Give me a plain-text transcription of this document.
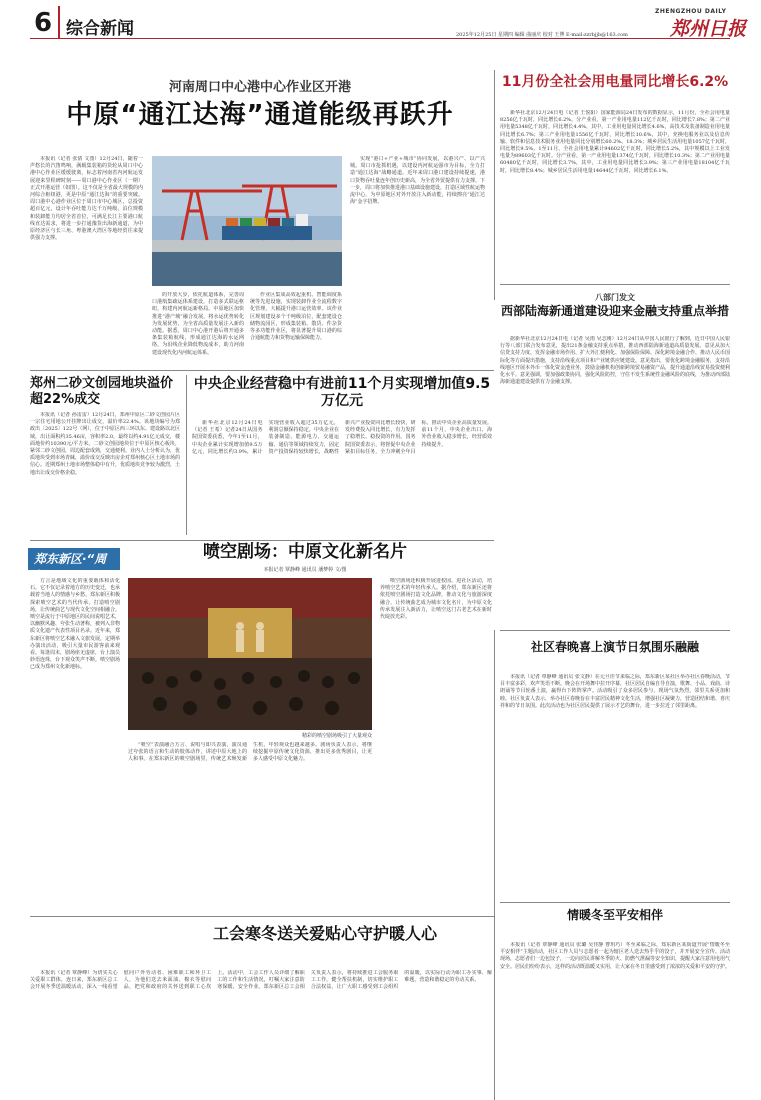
6 综合新闻
ZHENGZHOU DAILY
郑州日报
2025年12月25日 星期四 编辑 曲丽庆 校对 王博 E-mail:zzrbjjb@163.com
河南周口中心港中心作业区开港
中原“通江达海”通道能级再跃升

本报讯（记者 张倩 文图）12月24日，随着一声悠长的汽笛鸣响，满载集装箱的货轮从周口中心港中心作业区缓缓驶离，标志着河南省内河航运发展迎来里程碑时刻——周口港中心作业区（一期）正式开港运营（如图）。这不仅是全省最大规模的内河综合枢纽港，更是中原“通江达海”的重要突破。周口港中心港作业区位于周口市中心城区，总投资超百亿元，设计年吞吐能力达千万吨级，泊位规模和装卸能力均居全省首位，可满足长江主要港口航线直达需求，将进一步打通豫货出海新通道，为中原经济区与长三角、粤港澳大湾区等地经贸往来提供强力支撑。

的开放大步，依托航道体系，完善周口港航集疏运体系建设，打造多式联运枢纽，构建内河航运新格局。中原地区加快推进“港产城”融合发展，将水运优势转化为发展优势，为全省高质量发展注入新的动能。据悉，周口中心港开港后将开通多条集装箱航线，形成通江达海的水运网络，为沿线企业降低物流成本，助力河南建设现代化内河航运体系。

作业区集成高效起重机、智能调度系统等先进设施，实现装卸作业全流程数字化管理，大幅提升港口运营效率。该作业区规划建设多个千吨级泊位，配套建设仓储物流园区，形成集装箱、散货、件杂货等多功能作业区，将显著提升周口港的综合通航能力和货物运输保障能力。

实现“港口+产业+城市”协同发展，以港兴产、以产兴城。周口市抢抓机遇，以建设内河航运强市为目标，全力打造“通江达海”战略通道。近年来周口港口建设持续提速，港口货物吞吐量连年创历史新高，为全省外贸提供有力支撑。下一步，周口将加快推进港口基础设施建设，打造区域性航运物流中心，为中原地区对外开放注入新动能，持续擦亮“通江达海”金字招牌。

11月份全社会用电量同比增长6.2%

新华社北京12月24日电（记者 王悦阳）国家能源局24日发布的数据显示，11月份，全社会用电量8256亿千瓦时，同比增长6.2%。分产业看，第一产业用电量112亿千瓦时，同比增长7.8%；第二产业用电量5348亿千瓦时，同比增长4.4%，其中，工业用电量同比增长4.6%，高技术及装备制造业用电量同比增长6.7%；第三产业用电量1556亿千瓦时，同比增长10.6%，其中，充换电服务业以及信息传输、软件和信息技术服务业用电量同比分别增长60.2%、18.3%；城乡居民生活用电量1057亿千瓦时，同比增长9.5%。1至11月，全社会用电量累计94602亿千瓦时，同比增长5.2%，其中规模以上工业发电量为89603亿千瓦时。分产业看，第一产业用电量1374亿千瓦时，同比增长10.3%；第二产业用电量60480亿千瓦时，同比增长3.7%，其中，工业用电量同比增长3.9%；第三产业用电量18104亿千瓦时，同比增长8.4%；城乡居民生活用电量14644亿千瓦时，同比增长6.1%。

八部门发文
西部陆海新通道建设迎来金融支持重点举措

据新华社北京12月24日电（记者 吴雨 吴志刚）12月24日从中国人民银行了解到，近日中国人民银行等八部门联合发布意见，提出21条金融支持重点举措，推动西部陆海新通道高质量发展。意见从加大信贷支持力度、发挥金融市场作用、扩大外汇便利化、加强保险保障、深化跨境金融合作、推动人民币国际化等方面提出措施，支持沿线重点项目和产业链供应链建设。意见指出，要优化跨境金融服务，支持沿线地区开展本外币一体化资金池业务，鼓励金融机构创新跨境贸易融资产品，提升通道沿线贸易投资便利化水平。意见强调，要加强政策协同，强化风险防控，守住不发生系统性金融风险的底线，为推动西部陆海新通道建设提供有力金融支撑。

郑州二砂文创园地块溢价超22%成交

本报讯（记者 孙雷雷）12月24日，郑州中原区二砂文创园片区一宗住宅用地公开挂牌出让成交，溢价率22.4%。该地块编号为郑政出〔2025〕122号（网），位于中原区西三环以东、建设路以北区域，出让面积约35.46亩，容积率2.0，最终以约4.91亿元成交，楼面地价约10390元/平方米。二砂文创园地块位于中原区核心板块，紧邻二砂文创园，周边配套成熟，交通便利。业内人士分析认为，优质地块受到市场青睐，溢价成交反映出房企对郑州核心区土地市场的信心。近期郑州土地市场整体稳中有升，优质地块竞争较为激烈，土地出让成交价格企稳。

中央企业经营稳中有进前11个月实现增加值9.5万亿元

新华社北京12月24日电（记者 王希）记者24日从国务院国资委获悉，今年1至11月，中央企业累计实现增加值9.5万亿元，同比增长约3.9%，累计实现营业收入超过35万亿元，利润总额保持稳定。中央企业在装备制造、能源电力、交通运输、通信等领域持续发力，固定资产投资保持较快增长，战略性新兴产业投资同比增长较快，研发经费投入同比增长，有力发挥了稳增长、稳投资的作用。国务院国资委表示，将督促中央企业紧扣目标任务，全力冲刺全年目标，推动中央企业高质量发展。前11个月，中央企业出口、海外营业收入稳步增长，经营质效持续提升。

郑东新区·“周报”
喷空剧场：中原文化新名片
本报记者 覃静峰 通讯员 潘梦婷 文/图

方言是地域文化的重要载体和活化石。它不仅记录着地方的历史变迁，也承载着当地人的情感与乡愁。郑东新区积极探索喷空艺术的当代传承，打造喷空剧场，让传统曲艺与现代文化空间相融合。喷空是流行于中原地区的民间说唱艺术，以幽默风趣、夸张生动著称，被列入非物质文化遗产代表性项目名录。近年来，郑东新区将喷空艺术融入文旅发展，定期举办演出活动，吸引大量市民游客前来观看。每逢周末，剧场座无虚席，台上演员妙语连珠，台下观众笑声不断。喷空剧场已成为郑州文化新地标。

精彩的喷空剧场吸引了大量观众

“喷空”表演融合方言、说唱与即兴表演，演员通过夸张的语言和生动的肢体动作，讲述中原大地上的人和事。在郑东新区的喷空剧场里，传统艺术焕发新生机，年轻观众也越来越多。剧场负责人表示，将继续挖掘中原传统文化资源，推出更多优秀剧目，让更多人感受中原文化魅力。

喷空剧场还积极开展进校园、进社区活动，培养喷空艺术的年轻传承人。据介绍，郑东新区还将依托喷空剧场打造文化品牌，推动文化与旅游深度融合，让传统曲艺成为城市文化名片，为中原文化传承发展注入新活力，让喷空这门古老艺术在新时代绽放光彩。

社区春晚喜上演节日氛围乐融融

本报讯（记者 覃静峰 通讯员 张文静）在元旦佳节来临之际，郑东新区某社区举办社区春晚活动，节目丰富多彩，欢声笑语不断。晚会在开场舞中拉开序幕，社区居民自编自导自演，歌舞、小品、戏曲、诗朗诵等节目轮番上演，赢得台下阵阵掌声。活动吸引了众多居民参与，现场气氛热烈，邻里关系更加和睦。社区负责人表示，举办社区春晚旨在丰富居民精神文化生活，增强社区凝聚力，营造团结和谐、喜庆祥和的节日氛围。此次活动也为社区居民提供了展示才艺的舞台，进一步拉近了邻里距离。

情暖冬至平安相伴

本报讯（记者 覃静峰 通讯员 张璐 吴佳静 曹玥巧）冬至来临之际，郑东新区某街道开展“情暖冬至 平安相伴”主题活动，社区工作人员与志愿者一起为辖区老人送去热乎乎的饺子，并开展安全宣传。活动现场，志愿者们一边包饺子，一边向居民讲解冬季防火、防燃气泄漏等安全知识，提醒大家注意用电用气安全。居民们纷纷表示，这样的活动既温暖又实用，让大家在冬日里感受到了浓浓的关爱和平安的守护。

工会寒冬送关爱贴心守护暖人心

本报讯（记者 覃静峰）为切实关心关爱职工群体，连日来，郑东新区总工会开展冬季送温暖活动，深入一线看望慰问户外劳动者、困难职工和环卫工人，为他们送去米面油、棉衣等慰问品，把党和政府的关怀送到职工心坎上。活动中，工会工作人员详细了解职工的工作和生活情况，叮嘱大家注意防寒保暖、安全作业。郑东新区总工会相关负责人表示，将持续推进工会服务职工工作，健全帮扶机制，切实维护职工合法权益，让广大职工感受到工会组织的温暖，以实际行动为职工办实事、解难题，营造和谐稳定的劳动关系。
